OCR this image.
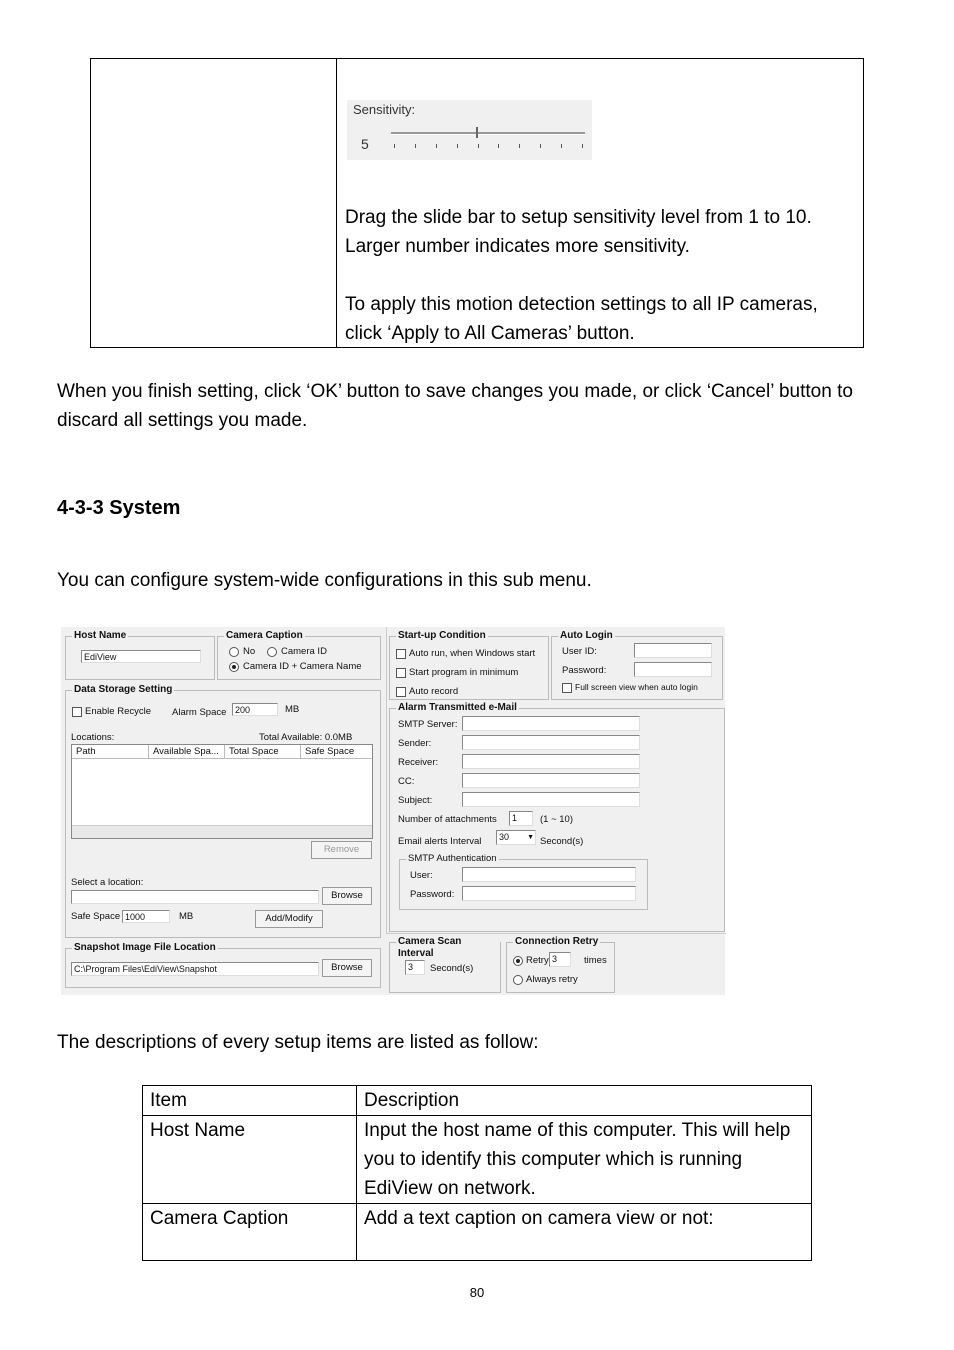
Sensitivity:
5
Drag the slide bar to setup sensitivity level from 1 to 10. Larger number indicates more sensitivity.
To apply this motion detection settings to all IP cameras, click ‘Apply to All Cameras’ button.
When you finish setting, click ‘OK’ button to save changes you made, or click ‘Cancel’ button to discard all settings you made.
4-3-3 System
You can configure system-wide configurations in this sub menu.
Host Name
EdiView
Camera Caption
No	Camera ID
Camera ID + Camera Name
Data Storage Setting
Enable Recycle Alarm Space 200	MB
Locations:	Total Available: 0.0MB
Path	Available Spa...	Total Space	Safe Space
Remove
Select a location:
Browse
Safe Space 1000	MB	Add/Modify
Snapshot Image File Location
C:\Program Files\EdiView\Snapshot	Browse
Start-up Condition
Auto run, when Windows start
Start program in minimum
Auto record
Auto Login
User ID:
Password:
Full screen view when auto login
Alarm Transmitted e-Mail
SMTP Server:
Sender:
Receiver:
CC:
Subject:
Number of attachments	1	(1 ~ 10)
Email alerts Interval	30	▼ Second(s)
SMTP Authentication
User:
Password:
Camera Scan Interval
3	Second(s)
Connection Retry
Retry 3	times
Always retry
The descriptions of every setup items are listed as follow:
Item	Description
Host Name	Input the host name of this computer. This will help you to identify this computer which is running EdiView on network.
Camera Caption	Add a text caption on camera view or not:
80
